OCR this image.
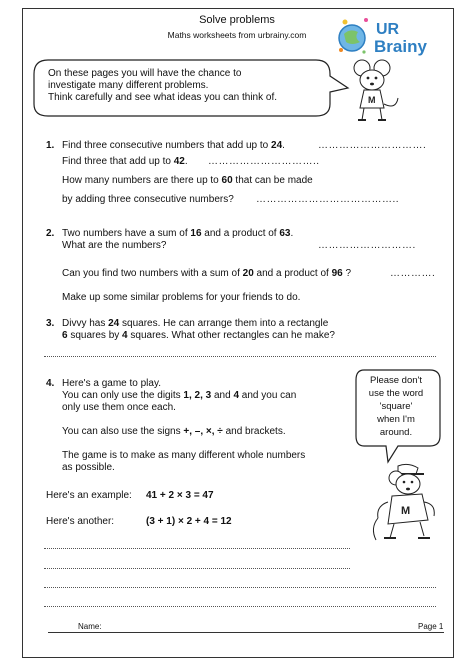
Solve problems
Maths worksheets from urbrainy.com	UR
Brainy
On these pages you will have the chance to
investigate many different problems.
Think carefully and see what ideas you can think of.	M
1. Find three consecutive numbers that add up to 24.	………………………….
Find three that add up to 42. …………………………..
How many numbers are there up to 60 that can be made
by adding three consecutive numbers? …………………………………..
2. Two numbers have a sum of 16 and a product of 63.
What are the numbers?	……………………….
Can you find two numbers with a sum of 20 and a product of 96 ?	………….
Make up some similar problems for your friends to do.
3. Divvy has 24 squares. He can arrange them into a rectangle
6 squares by 4 squares. What other rectangles can he make?
4. Here's a game to play.
You can only use the digits 1, 2, 3 and 4 and you can
only use them once each.
You can also use the signs +, –, ×, ÷ and brackets.
The game is to make as many different whole numbers
as possible.
Here's an example: 41 + 2 × 3 = 47
Here's another:	(3 + 1) × 2 + 4 = 12
Please don't
use the word
'square'
when I'm
around.
M
Name:	Page 1
